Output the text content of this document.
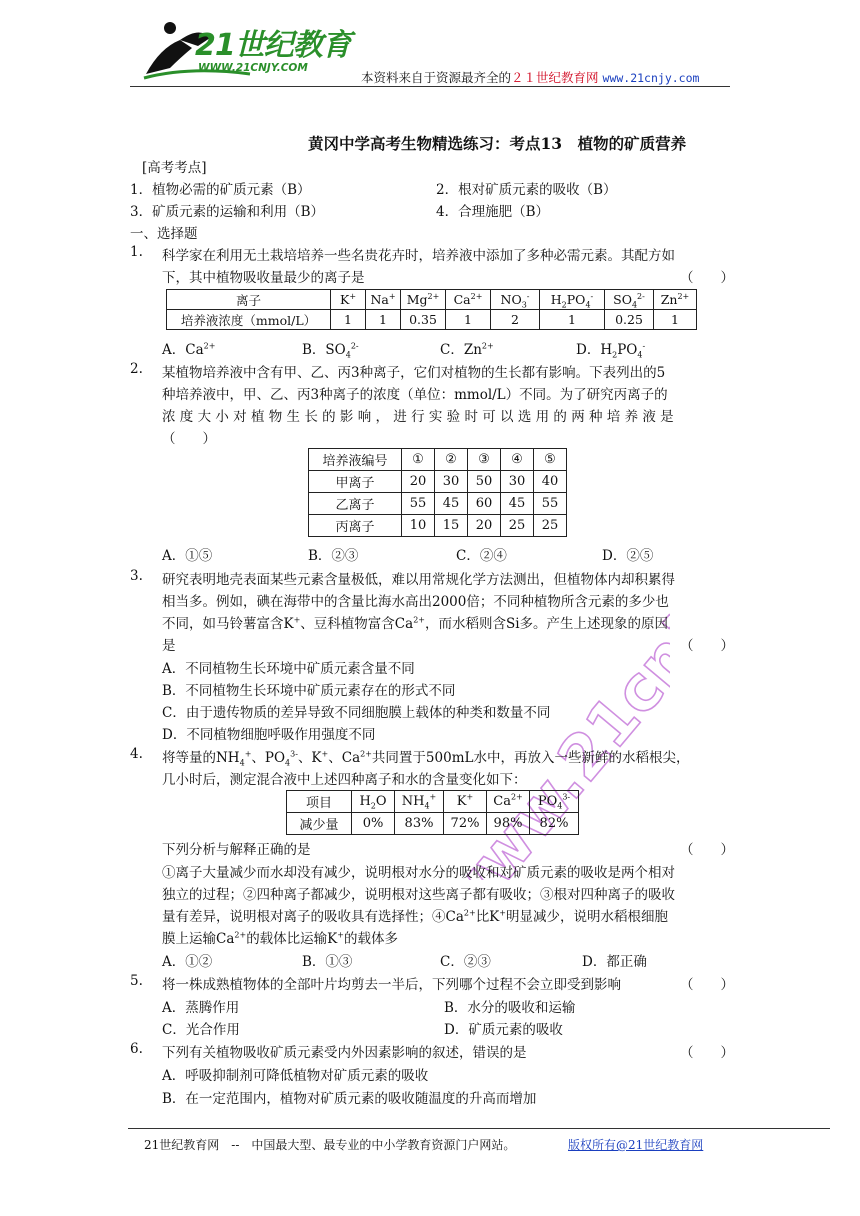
21世纪教育
WWW.21CNJY.COM
本资料来自于资源最齐全的２１世纪教育网 www.21cnjy.com
www.21cnjy.com
黄冈中学高考生物精选练习：考点13　植物的矿质营养
[高考考点]
1．植物必需的矿质元素（B）	2．根对矿质元素的吸收（B）
3．矿质元素的运输和利用（B）	4．合理施肥（B）
一、选择题
1. 科学家在利用无土栽培培养一些名贵花卉时，培养液中添加了多种必需元素。其配方如
下，其中植物吸收量最少的离子是	（　　）
离子	K+	Na+	$Mg^{2+}$	$Ca^{2+}$	$NO_3^-$	$H_2PO_4^-$	$SO_4^{2-}$	$Zn^{2+}$
培养液浓度（mmol/L）	1	1	0.35	1	2	1	0.25	1
A．$Ca^{2+}$	B．$SO_4^{2-}$	C．$Zn^{2+}$	D．$H_2PO_4^-$
2. 某植物培养液中含有甲、乙、丙3种离子，它们对植物的生长都有影响。下表列出的5
种培养液中，甲、乙、丙3种离子的浓度（单位：mmol/L）不同。为了研究丙离子的
浓 度 大 小 对 植 物 生 长 的 影 响 ， 进 行 实 验 时 可 以 选 用 的 两 种 培 养 液 是
（　　）
培养液编号	①	②	③	④	⑤
甲离子	20	30	50	30	40
乙离子	55	45	60	45	55
丙离子	10	15	20	25	25
A．①⑤	B．②③	C．②④	D．②⑤
3. 研究表明地壳表面某些元素含量极低，难以用常规化学方法测出，但植物体内却积累得
相当多。例如，碘在海带中的含量比海水高出2000倍；不同种植物所含元素的多少也
不同，如马铃薯富含K+、豆科植物富含$Ca^{2+}$，而水稻则含Si多。产生上述现象的原因
是	（　　）
A．不同植物生长环境中矿质元素含量不同
B．不同植物生长环境中矿质元素存在的形式不同
C．由于遗传物质的差异导致不同细胞膜上载体的种类和数量不同
D．不同植物细胞呼吸作用强度不同
4. 将等量的$NH_4^+$、$PO_4^{3-}$、K+、$Ca^{2+}$共同置于500mL水中，再放入一些新鲜的水稻根尖，
几小时后，测定混合液中上述四种离子和水的含量变化如下：
项目	$H_2O$	$NH_4^+$	K+	$Ca^{2+}$	$PO_4^{3-}$
减少量	0%	83%	72%	98%	82%
下列分析与解释正确的是	（　　）
①离子大量减少而水却没有减少，说明根对水分的吸收和对矿质元素的吸收是两个相对
独立的过程；②四种离子都减少，说明根对这些离子都有吸收；③根对四种离子的吸收
量有差异，说明根对离子的吸收具有选择性；$④Ca^{2+}$比K+明显减少，说明水稻根细胞
膜上运输$Ca^{2+}$的载体比运输K+的载体多
A．①②	B．①③	C．②③	D．都正确
5. 将一株成熟植物体的全部叶片均剪去一半后，下列哪个过程不会立即受到影响	（　　）
A．蒸腾作用	B．水分的吸收和运输
C．光合作用	D．矿质元素的吸收
6. 下列有关植物吸收矿质元素受内外因素影响的叙述，错误的是	（　　）
A．呼吸抑制剂可降低植物对矿质元素的吸收
B．在一定范围内，植物对矿质元素的吸收随温度的升高而增加
21世纪教育网　--　中国最大型、最专业的中小学教育资源门户网站。	版权所有@21世纪教育网
